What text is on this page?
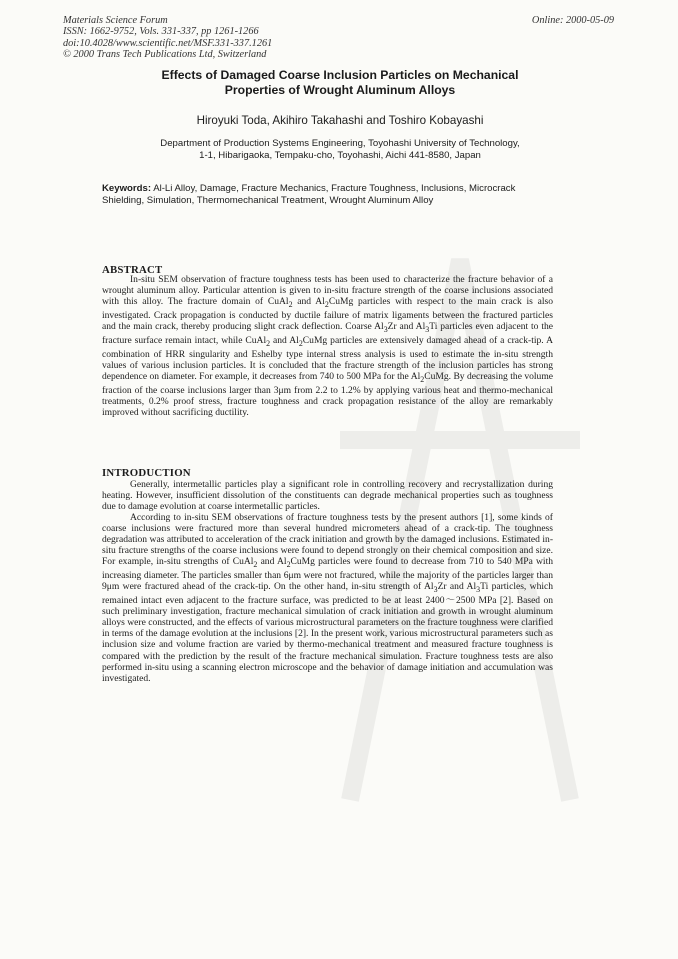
Materials Science Forum
ISSN: 1662-9752, Vols. 331-337, pp 1261-1266
doi:10.4028/www.scientific.net/MSF.331-337.1261
© 2000 Trans Tech Publications Ltd, Switzerland
Online: 2000-05-09
Effects of Damaged Coarse Inclusion Particles on Mechanical
Properties of Wrought Aluminum Alloys
Hiroyuki Toda, Akihiro Takahashi and Toshiro Kobayashi
Department of Production Systems Engineering, Toyohashi University of Technology,
1-1, Hibarigaoka, Tempaku-cho, Toyohashi, Aichi 441-8580, Japan
Keywords: Al-Li Alloy, Damage, Fracture Mechanics, Fracture Toughness, Inclusions, Microcrack Shielding, Simulation, Thermomechanical Treatment, Wrought Aluminum Alloy
ABSTRACT

In-situ SEM observation of fracture toughness tests has been used to characterize the fracture behavior of a wrought aluminum alloy. Particular attention is given to in-situ fracture strength of the coarse inclusions associated with this alloy. The fracture domain of CuAl$_2$ and $Al_2CuMg$ particles with respect to the main crack is also investigated. Crack propagation is conducted by ductile failure of matrix ligaments between the fractured particles and the main crack, thereby producing slight crack deflection. Coarse $Al_3Zr$ and $Al_3Ti$ particles even adjacent to the fracture surface remain intact, while CuAl$_2$ and $Al_2CuMg$ particles are extensively damaged ahead of a crack-tip. A combination of HRR singularity and Eshelby type internal stress analysis is used to estimate the in-situ strength values of various inclusion particles. It is concluded that the fracture strength of the inclusion particles has strong dependence on diameter. For example, it decreases from 740 to 500 MPa for the $Al_2CuMg$. By decreasing the volume fraction of the coarse inclusions larger than 3μm from 2.2 to 1.2% by applying various heat and thermo-mechanical treatments, 0.2% proof stress, fracture toughness and crack propagation resistance of the alloy are remarkably improved without sacrificing ductility.

INTRODUCTION

Generally, intermetallic particles play a significant role in controlling recovery and recrystallization during heating. However, insufficient dissolution of the constituents can degrade mechanical properties such as toughness due to damage evolution at coarse intermetallic particles.

According to in-situ SEM observations of fracture toughness tests by the present authors [1], some kinds of coarse inclusions were fractured more than several hundred micrometers ahead of a crack-tip. The toughness degradation was attributed to acceleration of the crack initiation and growth by the damaged inclusions. Estimated in-situ fracture strengths of the coarse inclusions were found to depend strongly on their chemical composition and size. For example, in-situ strengths of CuAl$_2$ and $Al_2CuMg$ particles were found to decrease from 710 to 540 MPa with increasing diameter. The particles smaller than 6μm were not fractured, while the majority of the particles larger than 9μm were fractured ahead of the crack-tip. On the other hand, in-situ strength of $Al_3Zr$ and $Al_3Ti$ particles, which remained intact even adjacent to the fracture surface, was predicted to be at least 2400～2500 MPa [2]. Based on such preliminary investigation, fracture mechanical simulation of crack initiation and growth in wrought aluminum alloys were constructed, and the effects of various microstructural parameters on the fracture toughness were clarified in terms of the damage evolution at the inclusions [2]. In the present work, various microstructural parameters such as inclusion size and volume fraction are varied by thermo-mechanical treatment and measured fracture toughness is compared with the prediction by the result of the fracture mechanical simulation. Fracture toughness tests are also performed in-situ using a scanning electron microscope and the behavior of damage initiation and accumulation was investigated.
